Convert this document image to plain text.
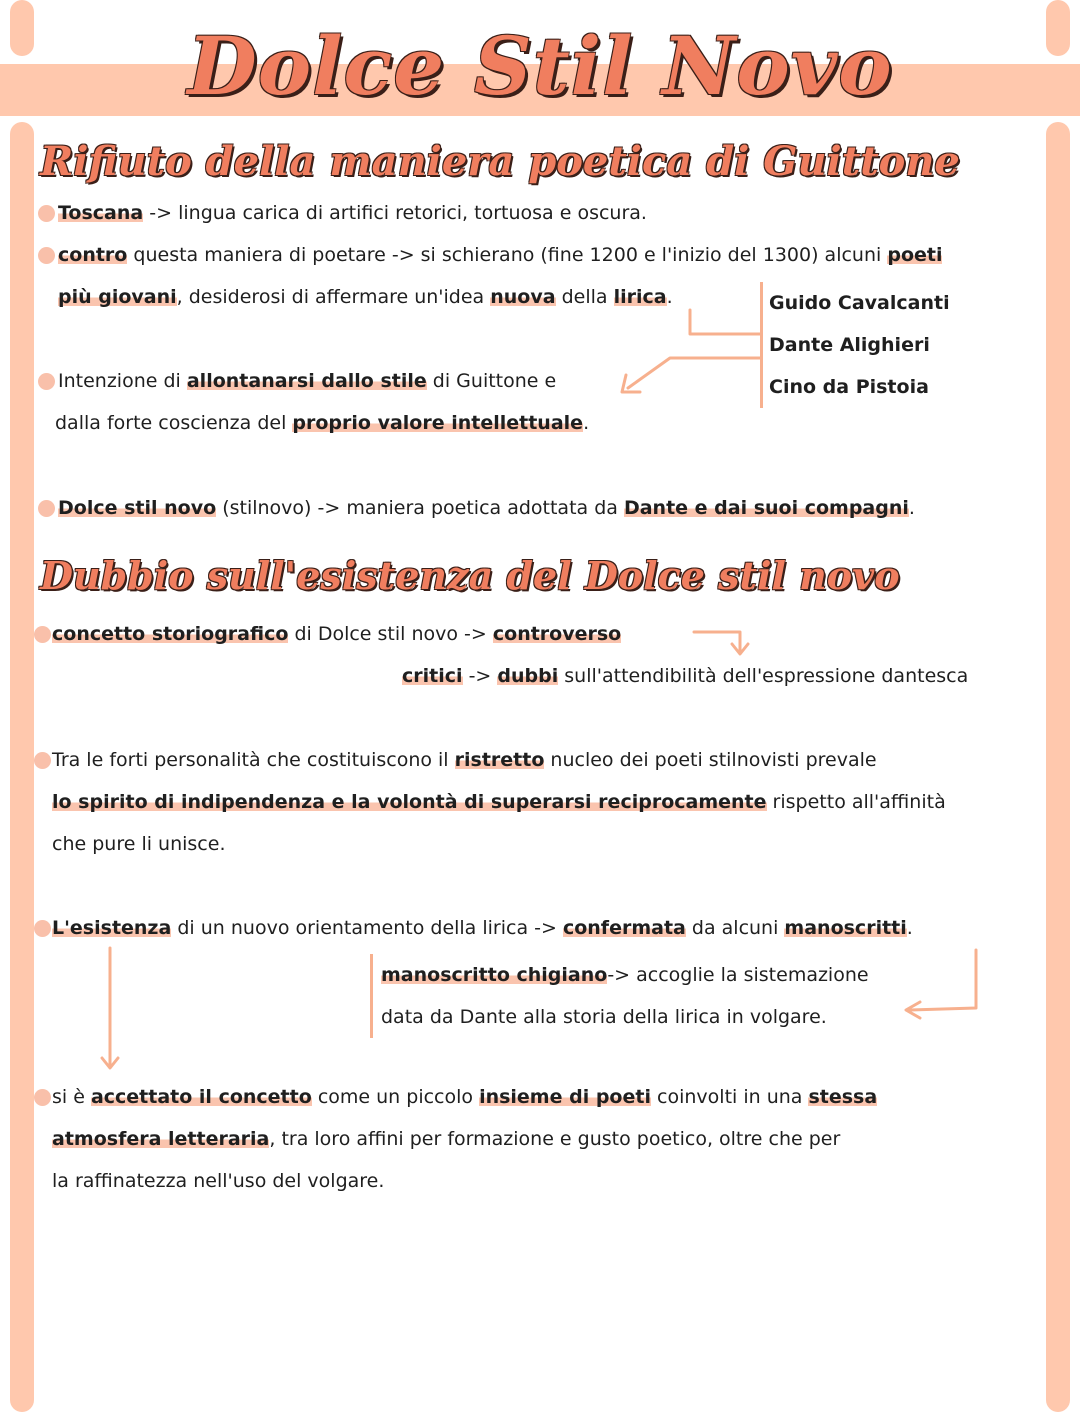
Dolce Stil Novo
Rifiuto della maniera poetica di Guittone
Toscana -> lingua carica di artifici retorici, tortuosa e oscura.
contro questa maniera di poetare -> si schierano (fine 1200 e l'inizio del 1300) alcuni poeti
più giovani, desiderosi di affermare un'idea nuova della lirica.	Guido Cavalcanti
Dante Alighieri
Cino da Pistoia
Intenzione di allontanarsi dallo stile di Guittone e
dalla forte coscienza del proprio valore intellettuale.
Dolce stil novo (stilnovo) -> maniera poetica adottata da Dante e dai suoi compagni.
Dubbio sull'esistenza del Dolce stil novo
concetto storiografico di Dolce stil novo -> controverso
critici -> dubbi sull'attendibilità dell'espressione dantesca
Tra le forti personalità che costituiscono il ristretto nucleo dei poeti stilnovisti prevale
lo spirito di indipendenza e la volontà di superarsi reciprocamente rispetto all'affinità
che pure li unisce.
L'esistenza di un nuovo orientamento della lirica -> confermata da alcuni manoscritti.
manoscritto chigiano-> accoglie la sistemazione
data da Dante alla storia della lirica in volgare.
si è accettato il concetto come un piccolo insieme di poeti coinvolti in una stessa
atmosfera letteraria, tra loro affini per formazione e gusto poetico, oltre che per
la raffinatezza nell'uso del volgare.
